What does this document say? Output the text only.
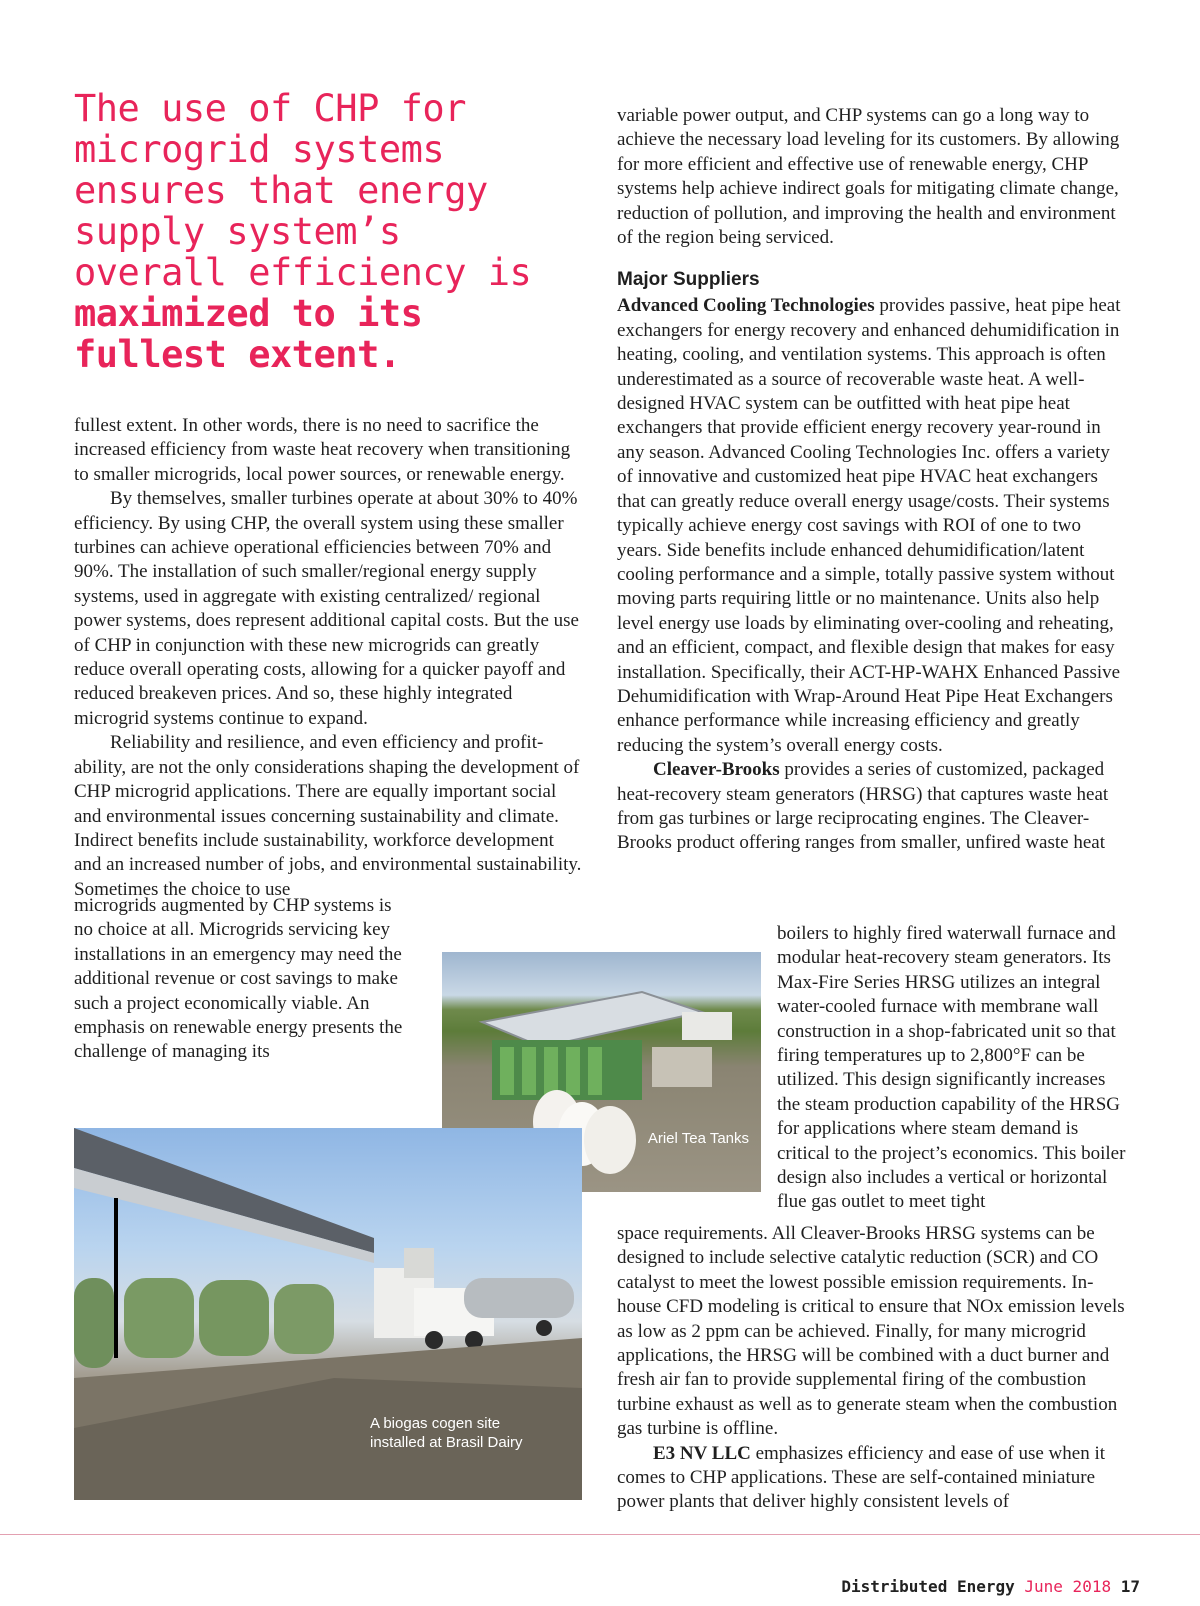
The use of CHP for
microgrid systems
ensures that energy
supply system’s
overall efficiency is
maximized to its
fullest extent.

fullest extent. In other words, there is no need to sacrifice the increased efficiency from waste heat recovery when transitioning to smaller microgrids, local power sources, or renewable energy.

By themselves, smaller turbines operate at about 30% to 40% efficiency. By using CHP, the overall system using these smaller turbines can achieve operational efficiencies between 70% and 90%. The installation of such smaller/regional energy supply systems, used in aggregate with existing centralized/ regional power systems, does represent additional capital costs. But the use of CHP in conjunction with these new microgrids can greatly reduce overall operating costs, allowing for a quicker payoff and reduced breakeven prices. And so, these highly integrated microgrid systems continue to expand.

Reliability and resilience, and even efficiency and profitability, are not the only considerations shaping the development of CHP microgrid applications. There are equally important social and environmental issues concerning sustainability and climate. Indirect benefits include sustainability, workforce development and an increased number of jobs, and environmental sustainability. Sometimes the choice to use

microgrids augmented by CHP systems is no choice at all. Microgrids servicing key installations in an emergency may need the additional revenue or cost savings to make such a project economically viable. An emphasis on renewable energy presents the challenge of managing its

variable power output, and CHP systems can go a long way to achieve the necessary load leveling for its customers. By allowing for more efficient and effective use of renewable energy, CHP systems help achieve indirect goals for mitigating climate change, reduction of pollution, and improving the health and environment of the region being serviced.

Major Suppliers

Advanced Cooling Technologies provides passive, heat pipe heat exchangers for energy recovery and enhanced dehumidification in heating, cooling, and ventilation systems. This approach is often underestimated as a source of recoverable waste heat. A well-designed HVAC system can be outfitted with heat pipe heat exchangers that provide efficient energy recovery year-round in any season. Advanced Cooling Technologies Inc. offers a variety of innovative and customized heat pipe HVAC heat exchangers that can greatly reduce overall energy usage/costs. Their systems typically achieve energy cost savings with ROI of one to two years. Side benefits include enhanced dehumidification/latent cooling performance and a simple, totally passive system without moving parts requiring little or no maintenance. Units also help level energy use loads by eliminating over-cooling and reheating, and an efficient, compact, and flexible design that makes for easy installation. Specifically, their ACT-HP-WAHX Enhanced Passive Dehumidification with Wrap-Around Heat Pipe Heat Exchangers enhance performance while increasing efficiency and greatly reducing the system’s overall energy costs.

Cleaver-Brooks provides a series of customized, packaged heat-recovery steam generators (HRSG) that captures waste heat from gas turbines or large reciprocating engines. The Cleaver-Brooks product offering ranges from smaller, unfired waste heat

boilers to highly fired waterwall furnace and modular heat-recovery steam generators. Its Max-Fire Series HRSG utilizes an integral water-cooled furnace with membrane wall construction in a shop-fabricated unit so that firing temperatures up to 2,800°F can be utilized. This design significantly increases the steam production capability of the HRSG for applications where steam demand is critical to the project’s economics. This boiler design also includes a vertical or horizontal flue gas outlet to meet tight

space requirements. All Cleaver-Brooks HRSG systems can be designed to include selective catalytic reduction (SCR) and CO catalyst to meet the lowest possible emission requirements. In-house CFD modeling is critical to ensure that NOx emission levels as low as 2 ppm can be achieved. Finally, for many microgrid applications, the HRSG will be combined with a duct burner and fresh air fan to provide supplemental firing of the combustion turbine exhaust as well as to generate steam when the combustion gas turbine is offline.

E3 NV LLC emphasizes efficiency and ease of use when it comes to CHP applications. These are self-contained miniature power plants that deliver highly consistent levels of

Ariel Tea Tanks
A biogas cogen site installed at Brasil Dairy
Distributed Energy June 2018 17
